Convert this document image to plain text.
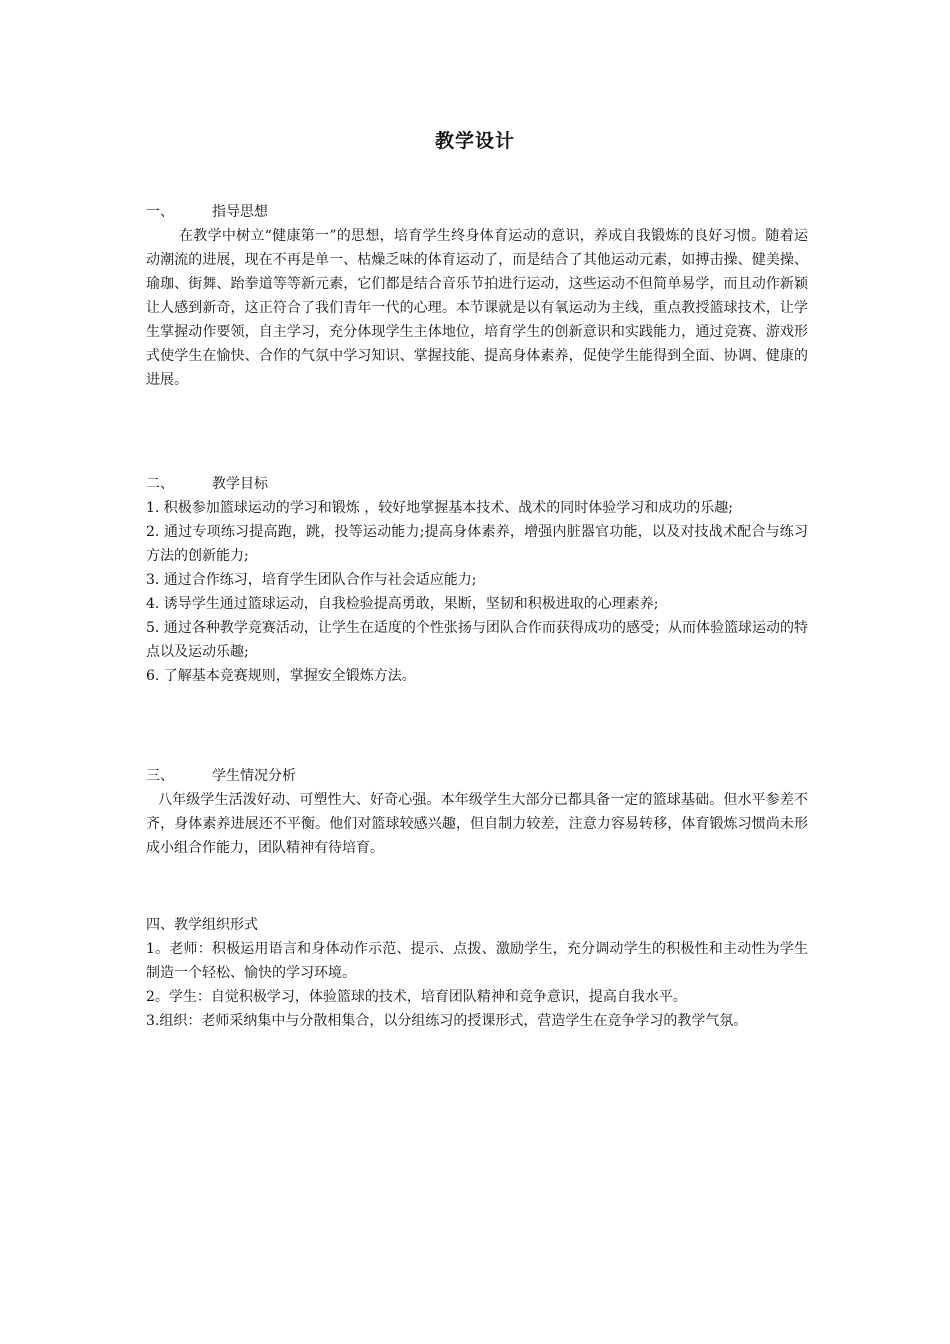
教学设计
一、	指导思想

在教学中树立“健康第一”的思想，培育学生终身体育运动的意识，养成自我锻炼的良好习惯。随着运动潮流的进展，现在不再是单一、枯燥乏味的体育运动了，而是结合了其他运动元素，如搏击操、健美操、瑜珈、街舞、跆拳道等等新元素，它们都是结合音乐节拍进行运动，这些运动不但简单易学，而且动作新颖让人感到新奇，这正符合了我们青年一代的心理。本节课就是以有氧运动为主线，重点教授篮球技术，让学生掌握动作要领，自主学习，充分体现学生主体地位，培育学生的创新意识和实践能力，通过竞赛、游戏形式使学生在愉快、合作的气氛中学习知识、掌握技能、提高身体素养，促使学生能得到全面、协调、健康的进展。

二、	教学目标

1. 积极参加篮球运动的学习和锻炼 ，较好地掌握基本技术、战术的同时体验学习和成功的乐趣;

2. 通过专项练习提高跑，跳，投等运动能力;提高身体素养，增强内脏器官功能，以及对技战术配合与练习方法的创新能力;

3. 通过合作练习，培育学生团队合作与社会适应能力;

4. 诱导学生通过篮球运动，自我检验提高勇敢，果断，坚韧和积极进取的心理素养;

5. 通过各种教学竞赛活动，让学生在适度的个性张扬与团队合作而获得成功的感受；从而体验篮球运动的特点以及运动乐趣;

6. 了解基本竞赛规则，掌握安全锻炼方法。

三、	学生情况分析

八年级学生活泼好动、可塑性大、好奇心强。本年级学生大部分已都具备一定的篮球基础。但水平参差不齐，身体素养进展还不平衡。他们对篮球较感兴趣，但自制力较差，注意力容易转移，体育锻炼习惯尚未形成小组合作能力，团队精神有待培育。

四、教学组织形式

1。老师：积极运用语言和身体动作示范、提示、点拨、激励学生，充分调动学生的积极性和主动性为学生制造一个轻松、愉快的学习环境。

2。学生：自觉积极学习，体验篮球的技术，培育团队精神和竞争意识，提高自我水平。

3.组织：老师采纳集中与分散相集合，以分组练习的授课形式，营造学生在竞争学习的教学气氛。
